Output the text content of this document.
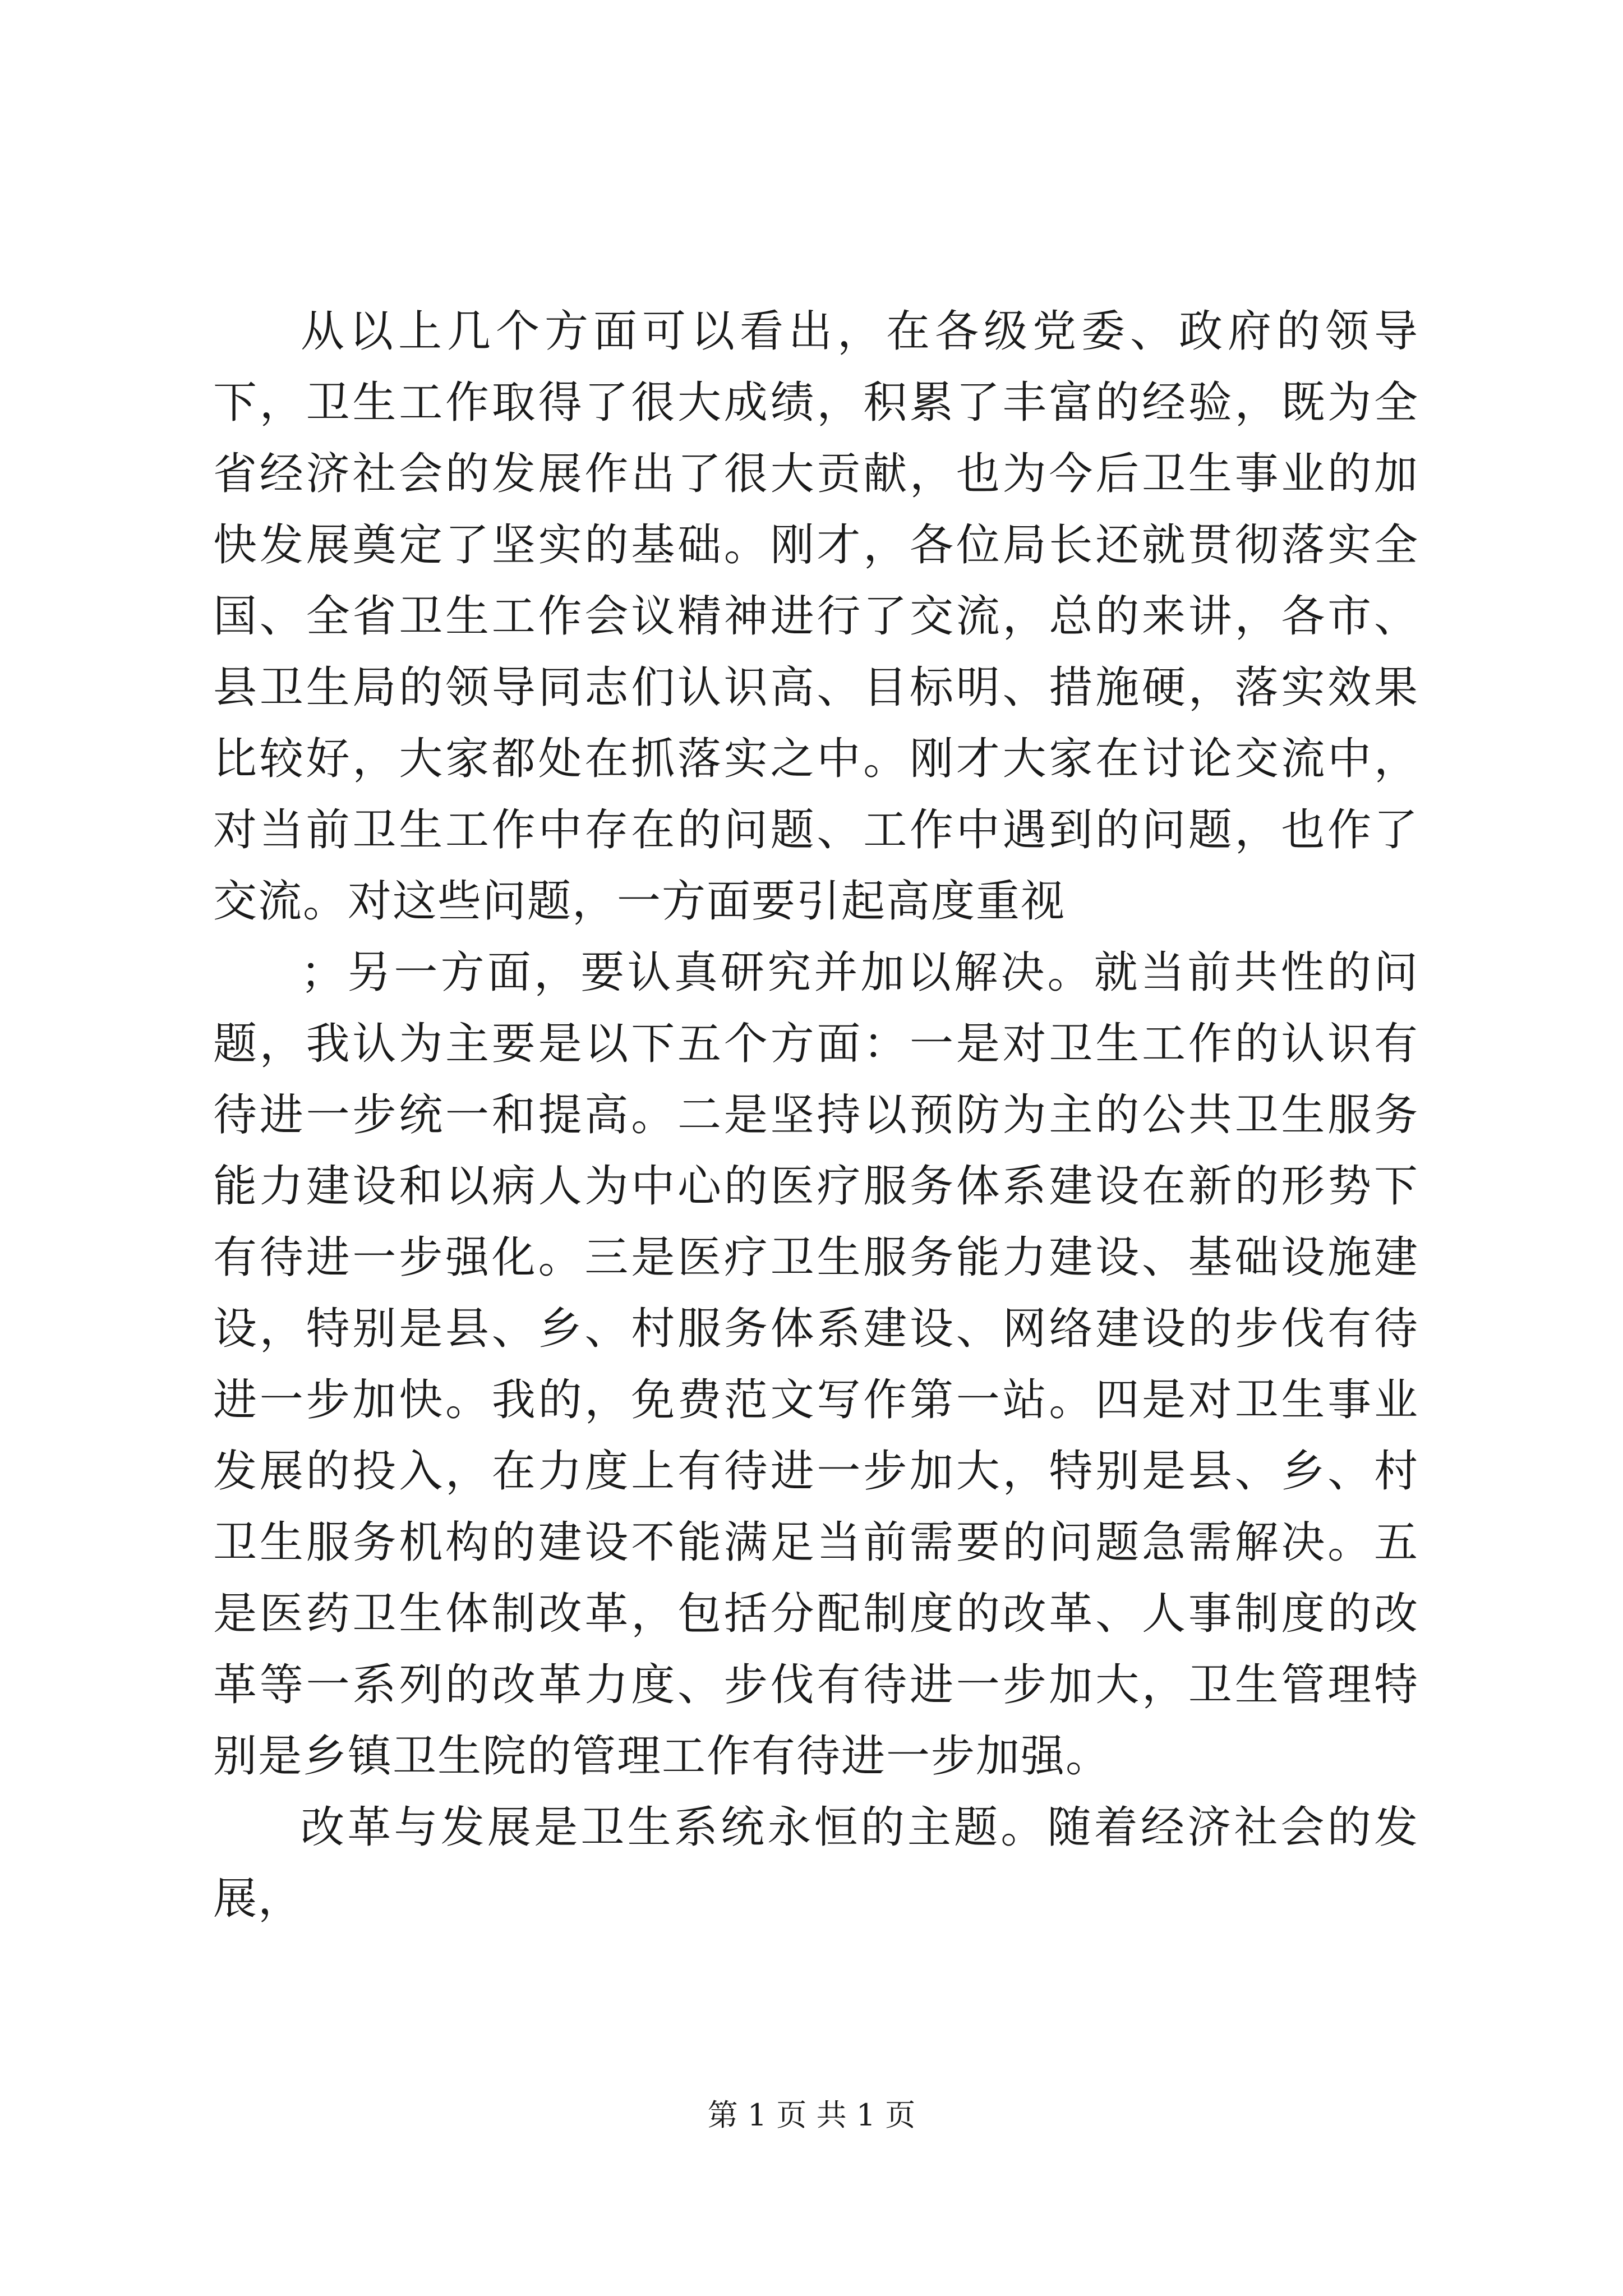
从以上几个方面可以看出，在各级党委、政府的领导下，卫生工作取得了很大成绩，积累了丰富的经验，既为全省经济社会的发展作出了很大贡献，也为今后卫生事业的加快发展奠定了坚实的基础。刚才，各位局长还就贯彻落实全国、全省卫生工作会议精神进行了交流，总的来讲，各市、县卫生局的领导同志们认识高、目标明、措施硬，落实效果比较好，大家都处在抓落实之中。刚才大家在讨论交流中，对当前卫生工作中存在的问题、工作中遇到的问题，也作了交流。对这些问题，一方面要引起高度重视

；另一方面，要认真研究并加以解决。就当前共性的问题，我认为主要是以下五个方面：一是对卫生工作的认识有待进一步统一和提高。二是坚持以预防为主的公共卫生服务能力建设和以病人为中心的医疗服务体系建设在新的形势下有待进一步强化。三是医疗卫生服务能力建设、基础设施建设，特别是县、乡、村服务体系建设、网络建设的步伐有待进一步加快。我的，免费范文写作第一站。四是对卫生事业发展的投入，在力度上有待进一步加大，特别是县、乡、村卫生服务机构的建设不能满足当前需要的问题急需解决。五是医药卫生体制改革，包括分配制度的改革、人事制度的改革等一系列的改革力度、步伐有待进一步加大，卫生管理特别是乡镇卫生院的管理工作有待进一步加强。

改革与发展是卫生系统永恒的主题。随着经济社会的发展，

第 1 页 共 1 页
